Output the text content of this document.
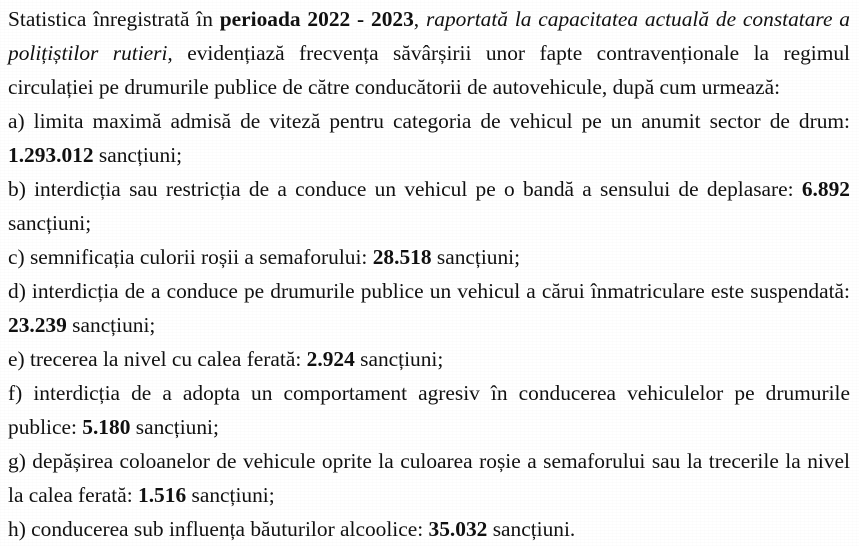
Statistica înregistrată în perioada 2022 - 2023, raportată la capacitatea actuală de constatare a polițiștilor rutieri, evidențiază frecvența săvârșirii unor fapte contravenționale la regimul circulației pe drumurile publice de către conducătorii de autovehicule, după cum urmează:

a) limita maximă admisă de viteză pentru categoria de vehicul pe un anumit sector de drum: 1.293.012 sancțiuni;

b) interdicția sau restricția de a conduce un vehicul pe o bandă a sensului de deplasare: 6.892 sancțiuni;

c) semnificația culorii roșii a semaforului: 28.518 sancțiuni;

d) interdicția de a conduce pe drumurile publice un vehicul a cărui înmatriculare este suspendată: 23.239 sancțiuni;

e) trecerea la nivel cu calea ferată: 2.924 sancțiuni;

f) interdicția de a adopta un comportament agresiv în conducerea vehiculelor pe drumurile publice: 5.180 sancțiuni;

g) depășirea coloanelor de vehicule oprite la culoarea roșie a semaforului sau la trecerile la nivel la calea ferată: 1.516 sancțiuni;

h) conducerea sub influența băuturilor alcoolice: 35.032 sancțiuni.
